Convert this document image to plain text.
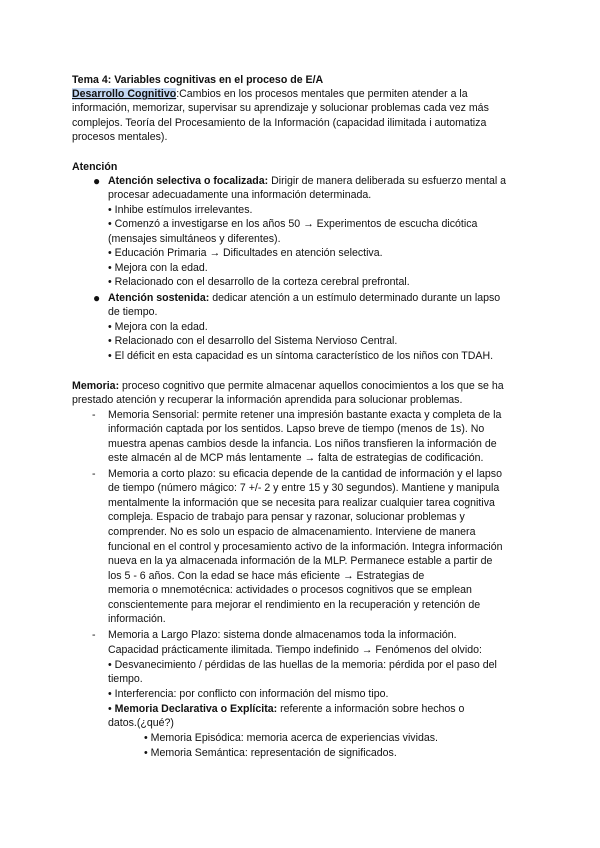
Tema 4: Variables cognitivas en el proceso de E/A
Desarrollo Cognitivo:Cambios en los procesos mentales que permiten atender a la
información, memorizar, supervisar su aprendizaje y solucionar problemas cada vez más
complejos. Teoría del Procesamiento de la Información (capacidad ilimitada i automatiza
procesos mentales).
Atención
● Atención selectiva o focalizada: Dirigir de manera deliberada su esfuerzo mental a
procesar adecuadamente una información determinada.
• Inhibe estímulos irrelevantes.
• Comenzó a investigarse en los años 50 → Experimentos de escucha dicótica
(mensajes simultáneos y diferentes).
• Educación Primaria → Dificultades en atención selectiva.
• Mejora con la edad.
• Relacionado con el desarrollo de la corteza cerebral prefrontal.
● Atención sostenida: dedicar atención a un estímulo determinado durante un lapso
de tiempo.
• Mejora con la edad.
• Relacionado con el desarrollo del Sistema Nervioso Central.
• El déficit en esta capacidad es un síntoma característico de los niños con TDAH.
Memoria: proceso cognitivo que permite almacenar aquellos conocimientos a los que se ha
prestado atención y recuperar la información aprendida para solucionar problemas.
- Memoria Sensorial: permite retener una impresión bastante exacta y completa de la
información captada por los sentidos. Lapso breve de tiempo (menos de 1s). No
muestra apenas cambios desde la infancia. Los niños transfieren la información de
este almacén al de MCP más lentamente → falta de estrategias de codificación.
- Memoria a corto plazo: su eficacia depende de la cantidad de información y el lapso
de tiempo (número mágico: 7 +/- 2 y entre 15 y 30 segundos). Mantiene y manipula
mentalmente la información que se necesita para realizar cualquier tarea cognitiva
compleja. Espacio de trabajo para pensar y razonar, solucionar problemas y
comprender. No es solo un espacio de almacenamiento. Interviene de manera
funcional en el control y procesamiento activo de la información. Integra información
nueva en la ya almacenada información de la MLP. Permanece estable a partir de
los 5 - 6 años. Con la edad se hace más eficiente → Estrategias de
memoria o mnemotécnica: actividades o procesos cognitivos que se emplean
conscientemente para mejorar el rendimiento en la recuperación y retención de
información.
- Memoria a Largo Plazo: sistema donde almacenamos toda la información.
Capacidad prácticamente ilimitada. Tiempo indefinido → Fenómenos del olvido:
• Desvanecimiento / pérdidas de las huellas de la memoria: pérdida por el paso del
tiempo.
• Interferencia: por conflicto con información del mismo tipo.
• Memoria Declarativa o Explícita: referente a información sobre hechos o
datos.(¿qué?)
• Memoria Episódica: memoria acerca de experiencias vividas.
• Memoria Semántica: representación de significados.
